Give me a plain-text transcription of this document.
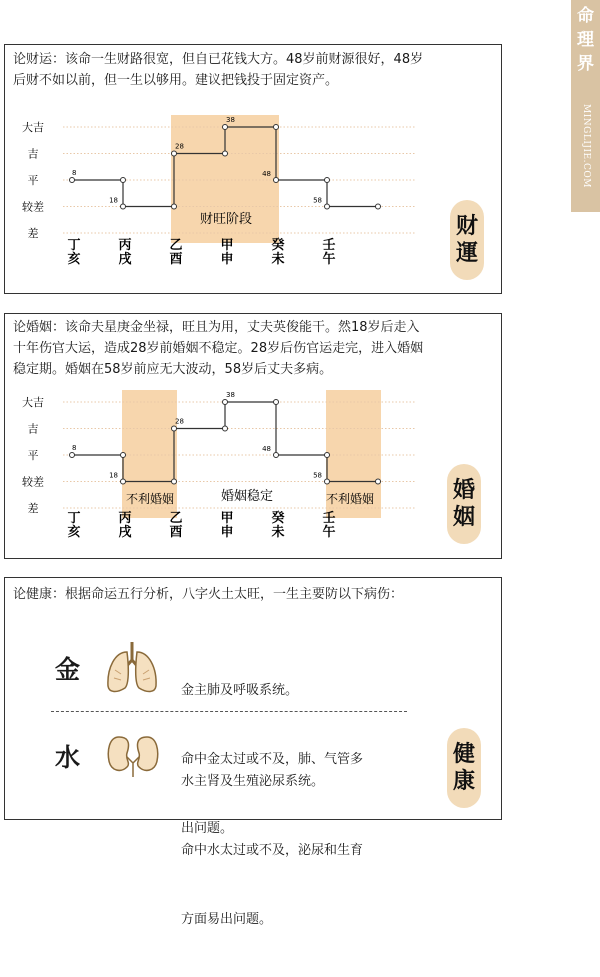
命
理
界
MINGLIJIE.COM
论财运：该命一生财路很宽，但自已花钱大方。48岁前财源很好，48岁
后财不如以前，但一生以够用。建议把钱投于固定资产。
大吉
吉
平
较差
差
8
18
28
38
48
58
丁
亥
丙
戌
乙
酉
甲
申
癸
未
壬
午
财旺阶段	财
運
论婚姻：该命夫星庚金坐禄，旺且为用，丈夫英俊能干。然18岁后走入
十年伤官大运，造成28岁前婚姻不稳定。28岁后伤官运走完，进入婚姻
稳定期。婚姻在58岁前应无大波动，58岁后丈夫多病。
大吉
吉
平
较差
差
8
18
28
38
48
58
丁
亥
丙
戌
乙
酉
甲
申
癸
未
壬
午
不利婚姻	婚姻稳定	不利婚姻	婚
姻
论健康：根据命运五行分析，八字火土太旺，一生主要防以下病伤：
金

金主肺及呼吸系统。

命中金太过或不及，肺、气管多

出问题。

水

水主肾及生殖泌尿系统。

命中水太过或不及，泌尿和生育

方面易出问题。

健
康
